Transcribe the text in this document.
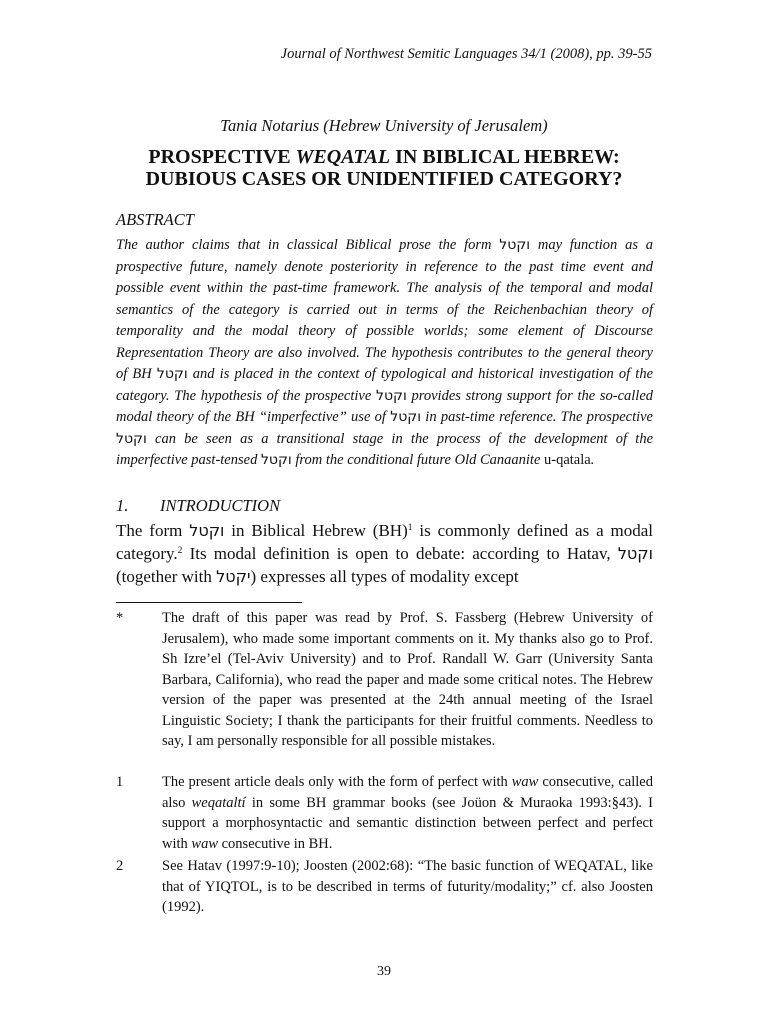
Journal of Northwest Semitic Languages 34/1 (2008), pp. 39-55
Tania Notarius (Hebrew University of Jerusalem)
PROSPECTIVE WEQATAL IN BIBLICAL HEBREW:
DUBIOUS CASES OR UNIDENTIFIED CATEGORY?
ABSTRACT
The author claims that in classical Biblical prose the form וקטל may function as a prospective future, namely denote posteriority in reference to the past time event and possible event within the past-time framework. The analysis of the temporal and modal semantics of the category is carried out in terms of the Reichenbachian theory of temporality and the modal theory of possible worlds; some element of Discourse Representation Theory are also involved. The hypothesis contributes to the general theory of BH וקטל and is placed in the context of typological and historical investigation of the category. The hypothesis of the prospective וקטל provides strong support for the so-called modal theory of the BH “imperfective” use of וקטל in past-time reference. The prospective וקטל can be seen as a transitional stage in the process of the development of the imperfective past-tensed וקטל from the conditional future Old Canaanite u-qatala.
1. INTRODUCTION
The form וקטל in Biblical Hebrew (BH)$^1$ is commonly defined as a modal category.$^2$ Its modal definition is open to debate: according to Hatav, וקטל (together with יקטל) expresses all types of modality except
*	The draft of this paper was read by Prof. S. Fassberg (Hebrew University of Jerusalem), who made some important comments on it. My thanks also go to Prof. Sh Izre’el (Tel-Aviv University) and to Prof. Randall W. Garr (University Santa Barbara, California), who read the paper and made some critical notes. The Hebrew version of the paper was presented at the 24th annual meeting of the Israel Linguistic Society; I thank the participants for their fruitful comments. Needless to say, I am personally responsible for all possible mistakes.
1	The present article deals only with the form of perfect with waw consecutive, called also weqataltí in some BH grammar books (see Joüon & Muraoka 1993:§43). I support a morphosyntactic and semantic distinction between perfect and perfect with waw consecutive in BH.
2	See Hatav (1997:9-10); Joosten (2002:68): “The basic function of WEQATAL, like that of YIQTOL, is to be described in terms of futurity/modality;” cf. also Joosten (1992).
39
